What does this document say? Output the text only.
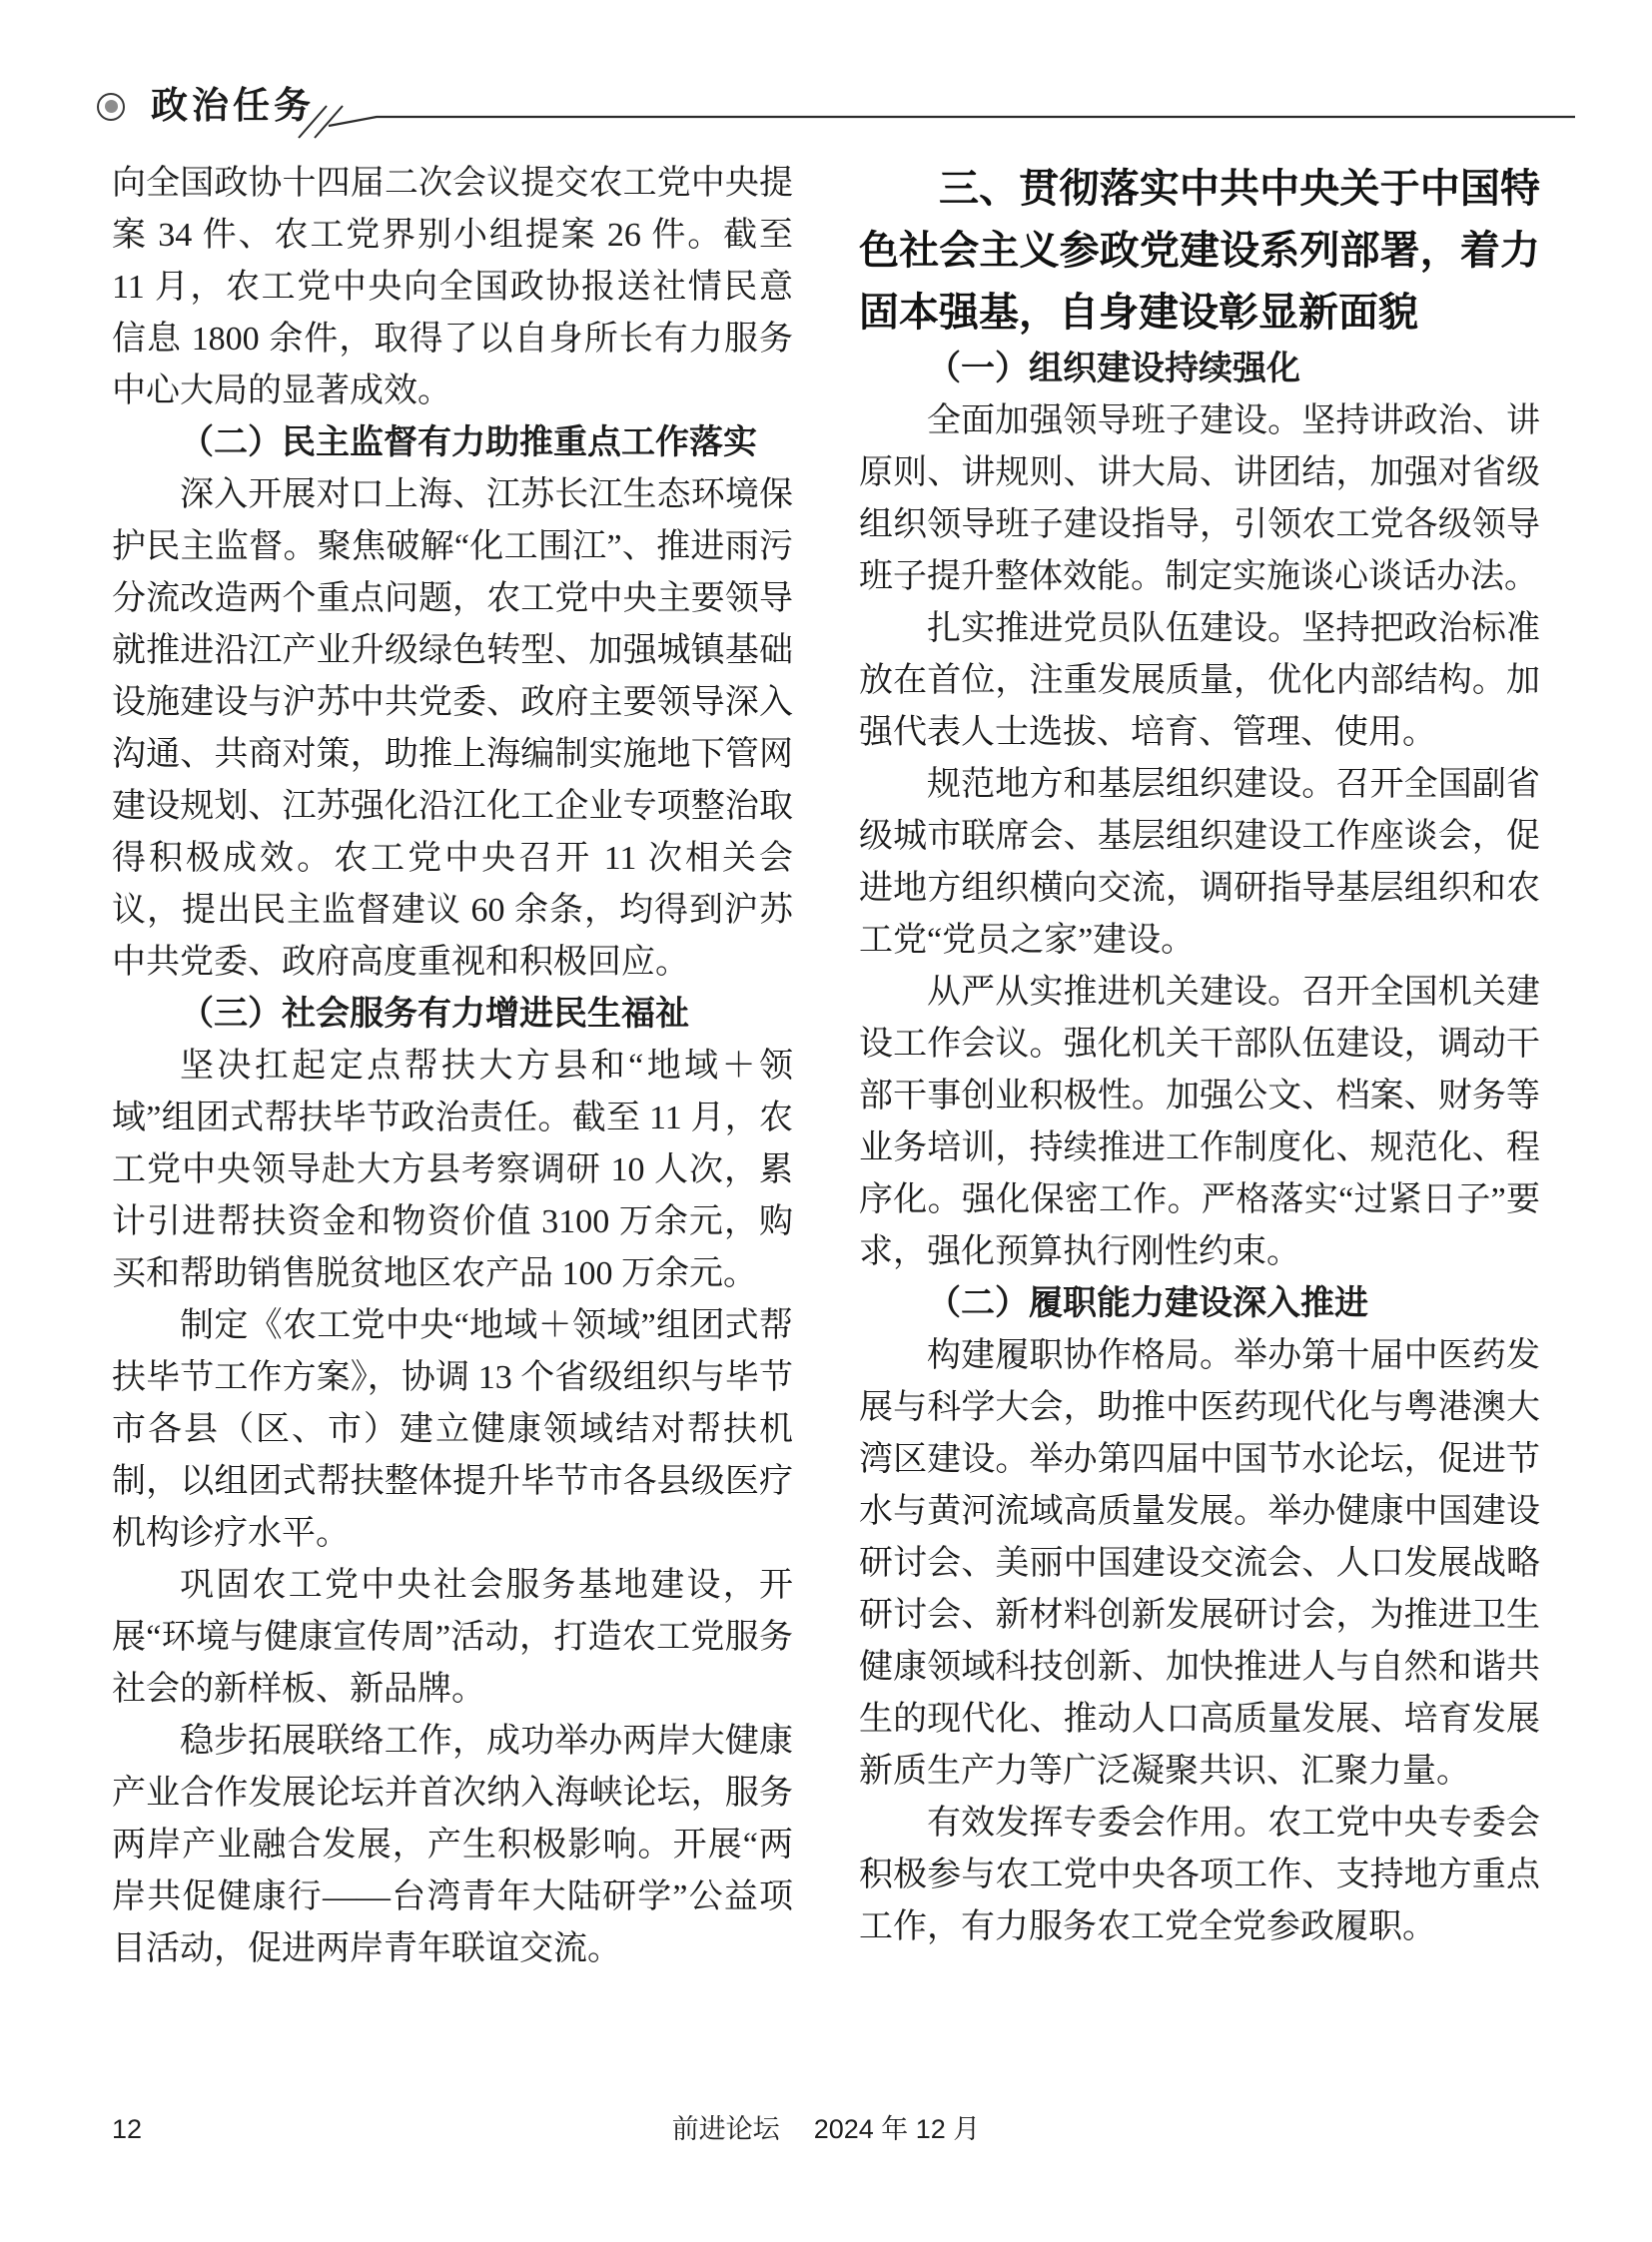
政治任务

向全国政协十四届二次会议提交农工党中央提案 34 件、农工党界别小组提案 26 件。截至 11 月，农工党中央向全国政协报送社情民意信息 1800 余件，取得了以自身所长有力服务中心大局的显著成效。

（二）民主监督有力助推重点工作落实

深入开展对口上海、江苏长江生态环境保护民主监督。聚焦破解“化工围江”、推进雨污分流改造两个重点问题，农工党中央主要领导就推进沿江产业升级绿色转型、加强城镇基础设施建设与沪苏中共党委、政府主要领导深入沟通、共商对策，助推上海编制实施地下管网建设规划、江苏强化沿江化工企业专项整治取得积极成效。农工党中央召开 11 次相关会议，提出民主监督建议 60 余条，均得到沪苏中共党委、政府高度重视和积极回应。

（三）社会服务有力增进民生福祉

坚决扛起定点帮扶大方县和“地域＋领域”组团式帮扶毕节政治责任。截至 11 月，农工党中央领导赴大方县考察调研 10 人次，累计引进帮扶资金和物资价值 3100 万余元，购买和帮助销售脱贫地区农产品 100 万余元。

制定《农工党中央“地域＋领域”组团式帮扶毕节工作方案》，协调 13 个省级组织与毕节市各县（区、市）建立健康领域结对帮扶机制，以组团式帮扶整体提升毕节市各县级医疗机构诊疗水平。

巩固农工党中央社会服务基地建设，开展“环境与健康宣传周”活动，打造农工党服务社会的新样板、新品牌。

稳步拓展联络工作，成功举办两岸大健康产业合作发展论坛并首次纳入海峡论坛，服务两岸产业融合发展，产生积极影响。开展“两岸共促健康行——台湾青年大陆研学”公益项目活动，促进两岸青年联谊交流。

三、贯彻落实中共中央关于中国特色社会主义参政党建设系列部署，着力固本强基，自身建设彰显新面貌

（一）组织建设持续强化

全面加强领导班子建设。坚持讲政治、讲原则、讲规则、讲大局、讲团结，加强对省级组织领导班子建设指导，引领农工党各级领导班子提升整体效能。制定实施谈心谈话办法。

扎实推进党员队伍建设。坚持把政治标准放在首位，注重发展质量，优化内部结构。加强代表人士选拔、培育、管理、使用。

规范地方和基层组织建设。召开全国副省级城市联席会、基层组织建设工作座谈会，促进地方组织横向交流，调研指导基层组织和农工党“党员之家”建设。

从严从实推进机关建设。召开全国机关建设工作会议。强化机关干部队伍建设，调动干部干事创业积极性。加强公文、档案、财务等业务培训，持续推进工作制度化、规范化、程序化。强化保密工作。严格落实“过紧日子”要求，强化预算执行刚性约束。

（二）履职能力建设深入推进

构建履职协作格局。举办第十届中医药发展与科学大会，助推中医药现代化与粤港澳大湾区建设。举办第四届中国节水论坛，促进节水与黄河流域高质量发展。举办健康中国建设研讨会、美丽中国建设交流会、人口发展战略研讨会、新材料创新发展研讨会，为推进卫生健康领域科技创新、加快推进人与自然和谐共生的现代化、推动人口高质量发展、培育发展新质生产力等广泛凝聚共识、汇聚力量。

有效发挥专委会作用。农工党中央专委会积极参与农工党中央各项工作、支持地方重点工作，有力服务农工党全党参政履职。

12	前进论坛 2024 年 12 月
